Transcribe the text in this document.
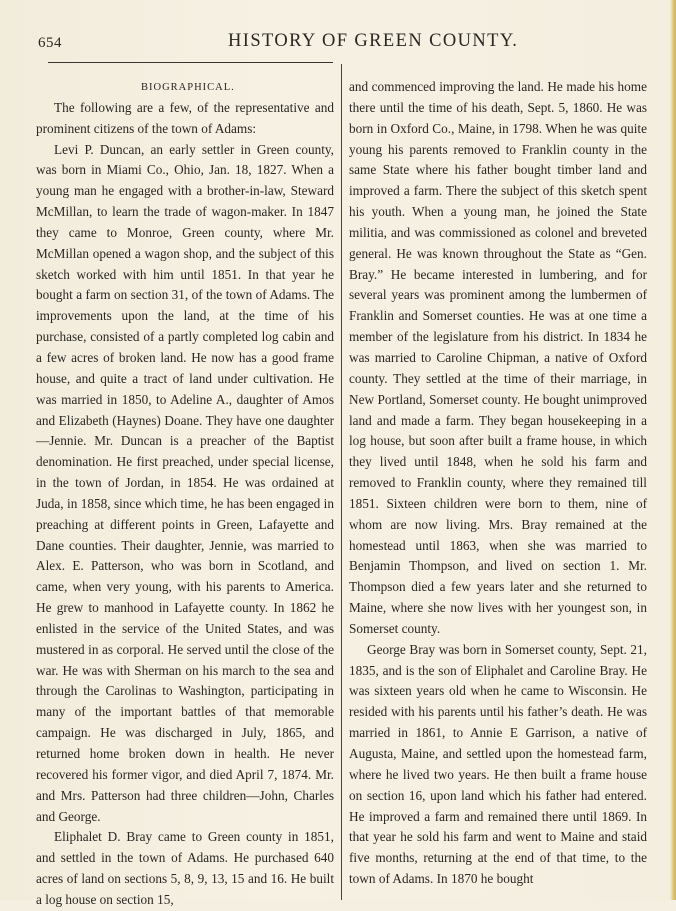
654	HISTORY OF GREEN COUNTY.
BIOGRAPHICAL.

The following are a few, of the representative and prominent citizens of the town of Adams:

Levi P. Duncan, an early settler in Green county, was born in Miami Co., Ohio, Jan. 18, 1827. When a young man he engaged with a brother-in-law, Steward McMillan, to learn the trade of wagon-maker. In 1847 they came to Monroe, Green county, where Mr. McMillan opened a wagon shop, and the subject of this sketch worked with him until 1851. In that year he bought a farm on section 31, of the town of Adams. The improvements upon the land, at the time of his purchase, consisted of a partly completed log cabin and a few acres of broken land. He now has a good frame house, and quite a tract of land under cultivation. He was married in 1850, to Adeline A., daughter of Amos and Elizabeth (Haynes) Doane. They have one daughter—Jennie. Mr. Duncan is a preacher of the Baptist denomination. He first preached, under special license, in the town of Jordan, in 1854. He was ordained at Juda, in 1858, since which time, he has been engaged in preaching at different points in Green, Lafayette and Dane counties. Their daughter, Jennie, was married to Alex. E. Patterson, who was born in Scotland, and came, when very young, with his parents to America. He grew to manhood in Lafayette county. In 1862 he enlisted in the service of the United States, and was mustered in as corporal. He served until the close of the war. He was with Sherman on his march to the sea and through the Carolinas to Washington, participating in many of the important battles of that memorable campaign. He was discharged in July, 1865, and returned home broken down in health. He never recovered his former vigor, and died April 7, 1874. Mr. and Mrs. Patterson had three children—John, Charles and George.

Eliphalet D. Bray came to Green county in 1851, and settled in the town of Adams. He purchased 640 acres of land on sections 5, 8, 9, 13, 15 and 16. He built a log house on section 15,

and commenced improving the land. He made his home there until the time of his death, Sept. 5, 1860. He was born in Oxford Co., Maine, in 1798. When he was quite young his parents removed to Franklin county in the same State where his father bought timber land and improved a farm. There the subject of this sketch spent his youth. When a young man, he joined the State militia, and was commissioned as colonel and breveted general. He was known throughout the State as “Gen. Bray.” He became interested in lumbering, and for several years was prominent among the lumbermen of Franklin and Somerset counties. He was at one time a member of the legislature from his district. In 1834 he was married to Caroline Chipman, a native of Oxford county. They settled at the time of their marriage, in New Portland, Somerset county. He bought unimproved land and made a farm. They began housekeeping in a log house, but soon after built a frame house, in which they lived until 1848, when he sold his farm and removed to Franklin county, where they remained till 1851. Sixteen children were born to them, nine of whom are now living. Mrs. Bray remained at the homestead until 1863, when she was married to Benjamin Thompson, and lived on section 1. Mr. Thompson died a few years later and she returned to Maine, where she now lives with her youngest son, in Somerset county.

George Bray was born in Somerset county, Sept. 21, 1835, and is the son of Eliphalet and Caroline Bray. He was sixteen years old when he came to Wisconsin. He resided with his parents until his father’s death. He was married in 1861, to Annie E Garrison, a native of Augusta, Maine, and settled upon the homestead farm, where he lived two years. He then built a frame house on section 16, upon land which his father had entered. He improved a farm and remained there until 1869. In that year he sold his farm and went to Maine and staid five months, returning at the end of that time, to the town of Adams. In 1870 he bought
